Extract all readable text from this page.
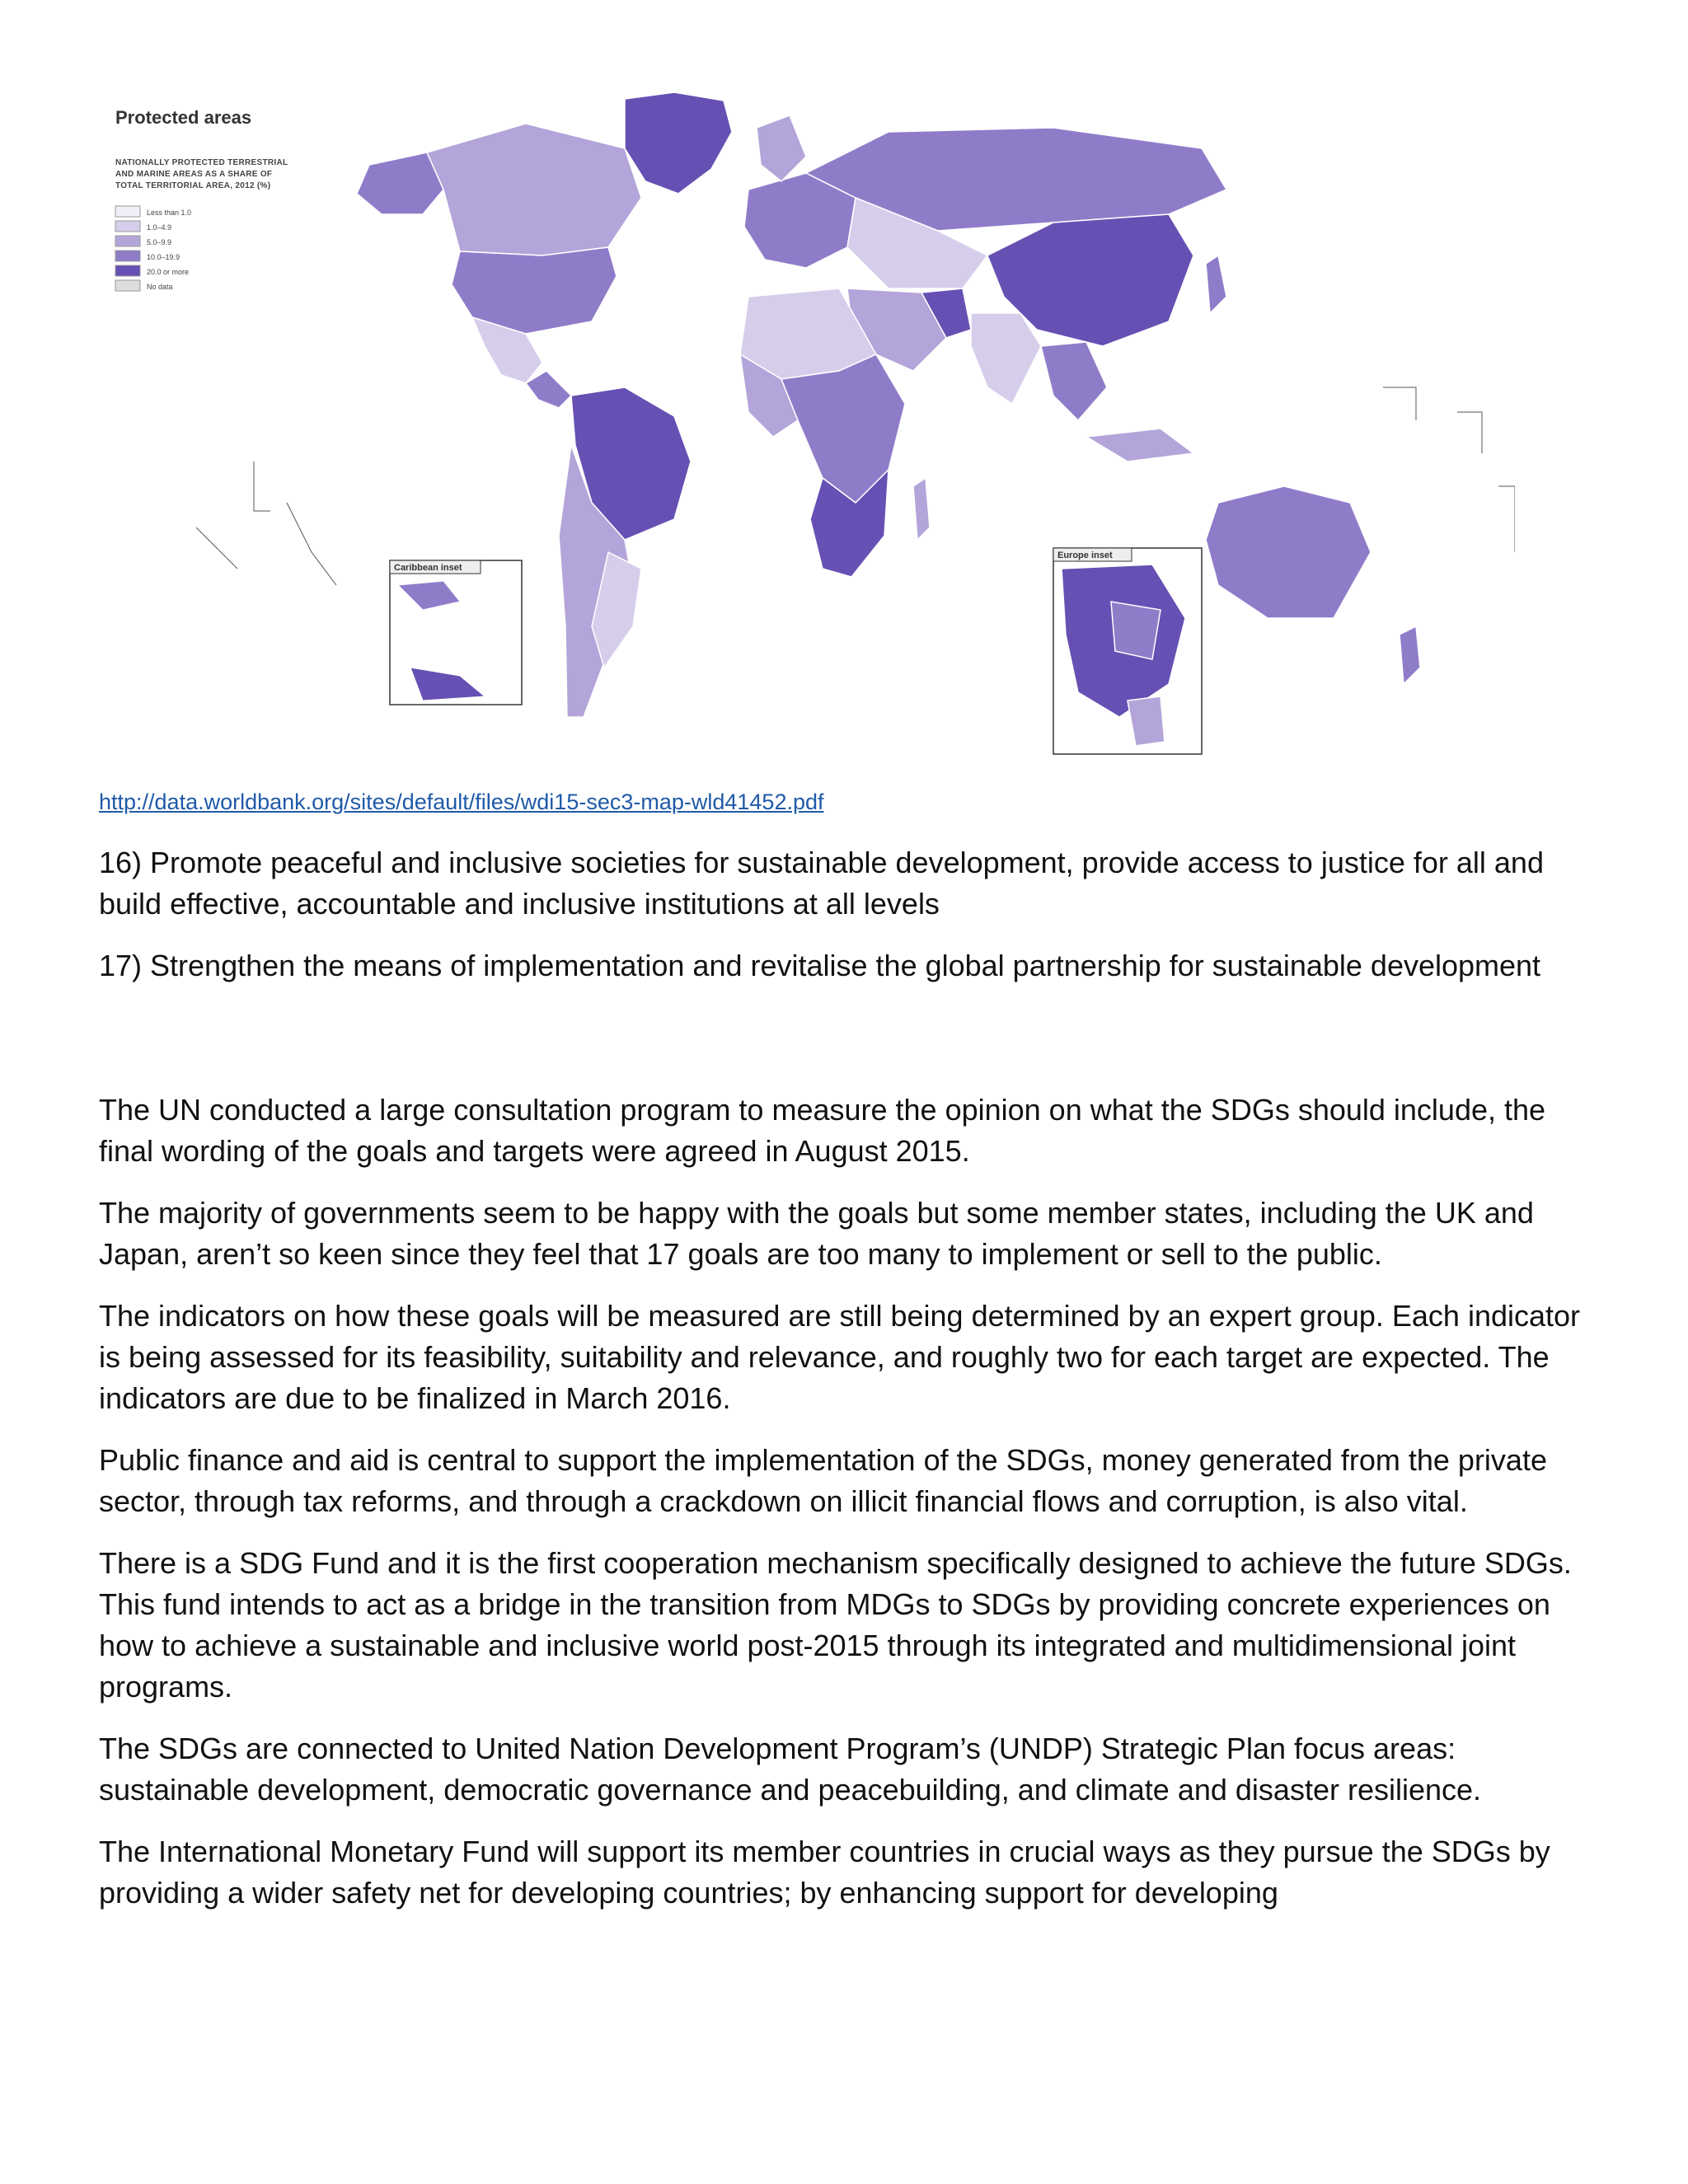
Protected areas
NATIONALLY PROTECTED TERRESTRIAL
AND MARINE AREAS AS A SHARE OF
TOTAL TERRITORIAL AREA, 2012 (%)
Less than 1.0
1.0–4.9
5.0–9.9
10.0–19.9
20.0 or more
No data
Caribbean inset
Europe inset
http://data.worldbank.org/sites/default/files/wdi15-sec3-map-wld41452.pdf

16) Promote peaceful and inclusive societies for sustainable development, provide access to justice for all and build effective, accountable and inclusive institutions at all levels

17) Strengthen the means of implementation and revitalise the global partnership for sustainable development

The UN conducted a large consultation program to measure the opinion on what the SDGs should include, the final wording of the goals and targets were agreed in August 2015.

The majority of governments seem to be happy with the goals but some member states, including the UK and Japan, aren’t so keen since they feel that 17 goals are too many to implement or sell to the public.

The indicators on how these goals will be measured are still being determined by an expert group. Each indicator is being assessed for its feasibility, suitability and relevance, and roughly two for each target are expected. The indicators are due to be finalized in March 2016.

Public finance and aid is central to support the implementation of the SDGs, money generated from the private sector, through tax reforms, and through a crackdown on illicit financial flows and corruption, is also vital.

There is a SDG Fund and it is the first cooperation mechanism specifically designed to achieve the future SDGs. This fund intends to act as a bridge in the transition from MDGs to SDGs by providing concrete experiences on how to achieve a sustainable and inclusive world post-2015 through its integrated and multidimensional joint programs.

The SDGs are connected to United Nation Development Program’s (UNDP) Strategic Plan focus areas: sustainable development, democratic governance and peacebuilding, and climate and disaster resilience.

The International Monetary Fund will support its member countries in crucial ways as they pursue the SDGs by providing a wider safety net for developing countries; by enhancing support for developing
